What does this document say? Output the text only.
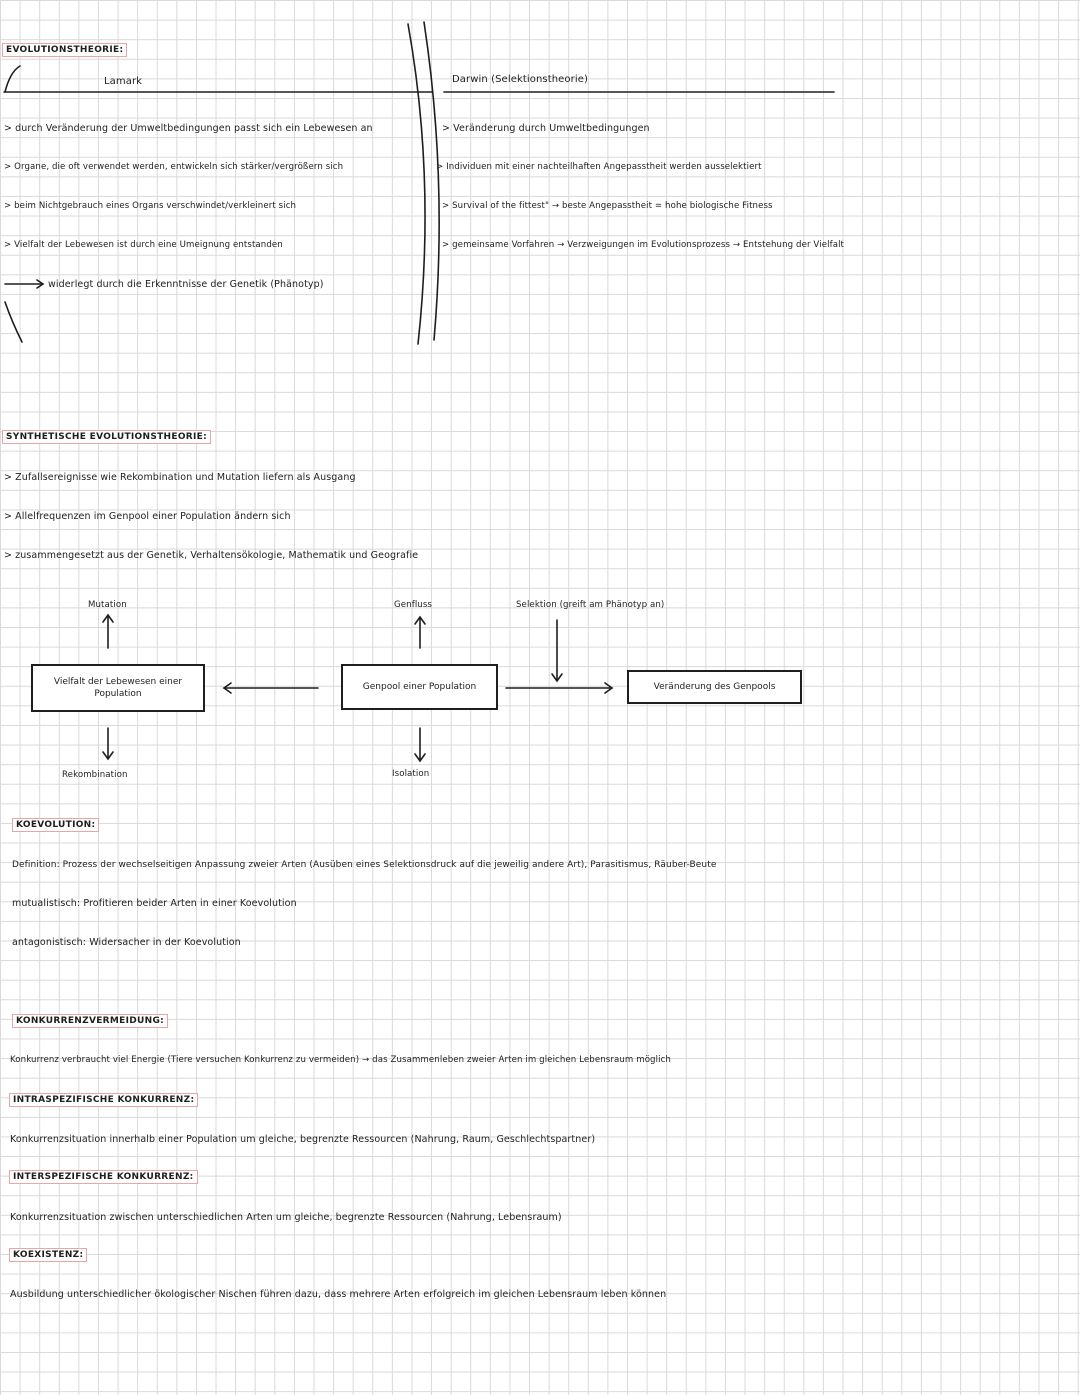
EVOLUTIONSTHEORIE:
Lamark	Darwin (Selektionstheorie)
> durch Veränderung der Umweltbedingungen passt sich ein Lebewesen an
> Organe, die oft verwendet werden, entwickeln sich stärker/vergrößern sich
> beim Nichtgebrauch eines Organs verschwindet/verkleinert sich
> Vielfalt der Lebewesen ist durch eine Umeignung entstanden
widerlegt durch die Erkenntnisse der Genetik (Phänotyp)
> Veränderung durch Umweltbedingungen
> Individuen mit einer nachteilhaften Angepasstheit werden ausselektiert
> Survival of the fittest" → beste Angepasstheit = hohe biologische Fitness
> gemeinsame Vorfahren → Verzweigungen im Evolutionsprozess → Entstehung der Vielfalt
SYNTHETISCHE EVOLUTIONSTHEORIE:
> Zufallsereignisse wie Rekombination und Mutation liefern als Ausgang
> Allelfrequenzen im Genpool einer Population ändern sich
> zusammengesetzt aus der Genetik, Verhaltensökologie, Mathematik und Geografie
Mutation	Genfluss	Selektion (greift am Phänotyp an)
Vielfalt der Lebewesen einer Population
Genpool einer Population	Veränderung des Genpools
Rekombination	Isolation
KOEVOLUTION:
Definition: Prozess der wechselseitigen Anpassung zweier Arten (Ausüben eines Selektionsdruck auf die jeweilig andere Art), Parasitismus, Räuber-Beute
mutualistisch: Profitieren beider Arten in einer Koevolution
antagonistisch: Widersacher in der Koevolution
KONKURRENZVERMEIDUNG:
Konkurrenz verbraucht viel Energie (Tiere versuchen Konkurrenz zu vermeiden) → das Zusammenleben zweier Arten im gleichen Lebensraum möglich
INTRASPEZIFISCHE KONKURRENZ:
Konkurrenzsituation innerhalb einer Population um gleiche, begrenzte Ressourcen (Nahrung, Raum, Geschlechtspartner)
INTERSPEZIFISCHE KONKURRENZ:
Konkurrenzsituation zwischen unterschiedlichen Arten um gleiche, begrenzte Ressourcen (Nahrung, Lebensraum)
KOEXISTENZ:
Ausbildung unterschiedlicher ökologischer Nischen führen dazu, dass mehrere Arten erfolgreich im gleichen Lebensraum leben können
